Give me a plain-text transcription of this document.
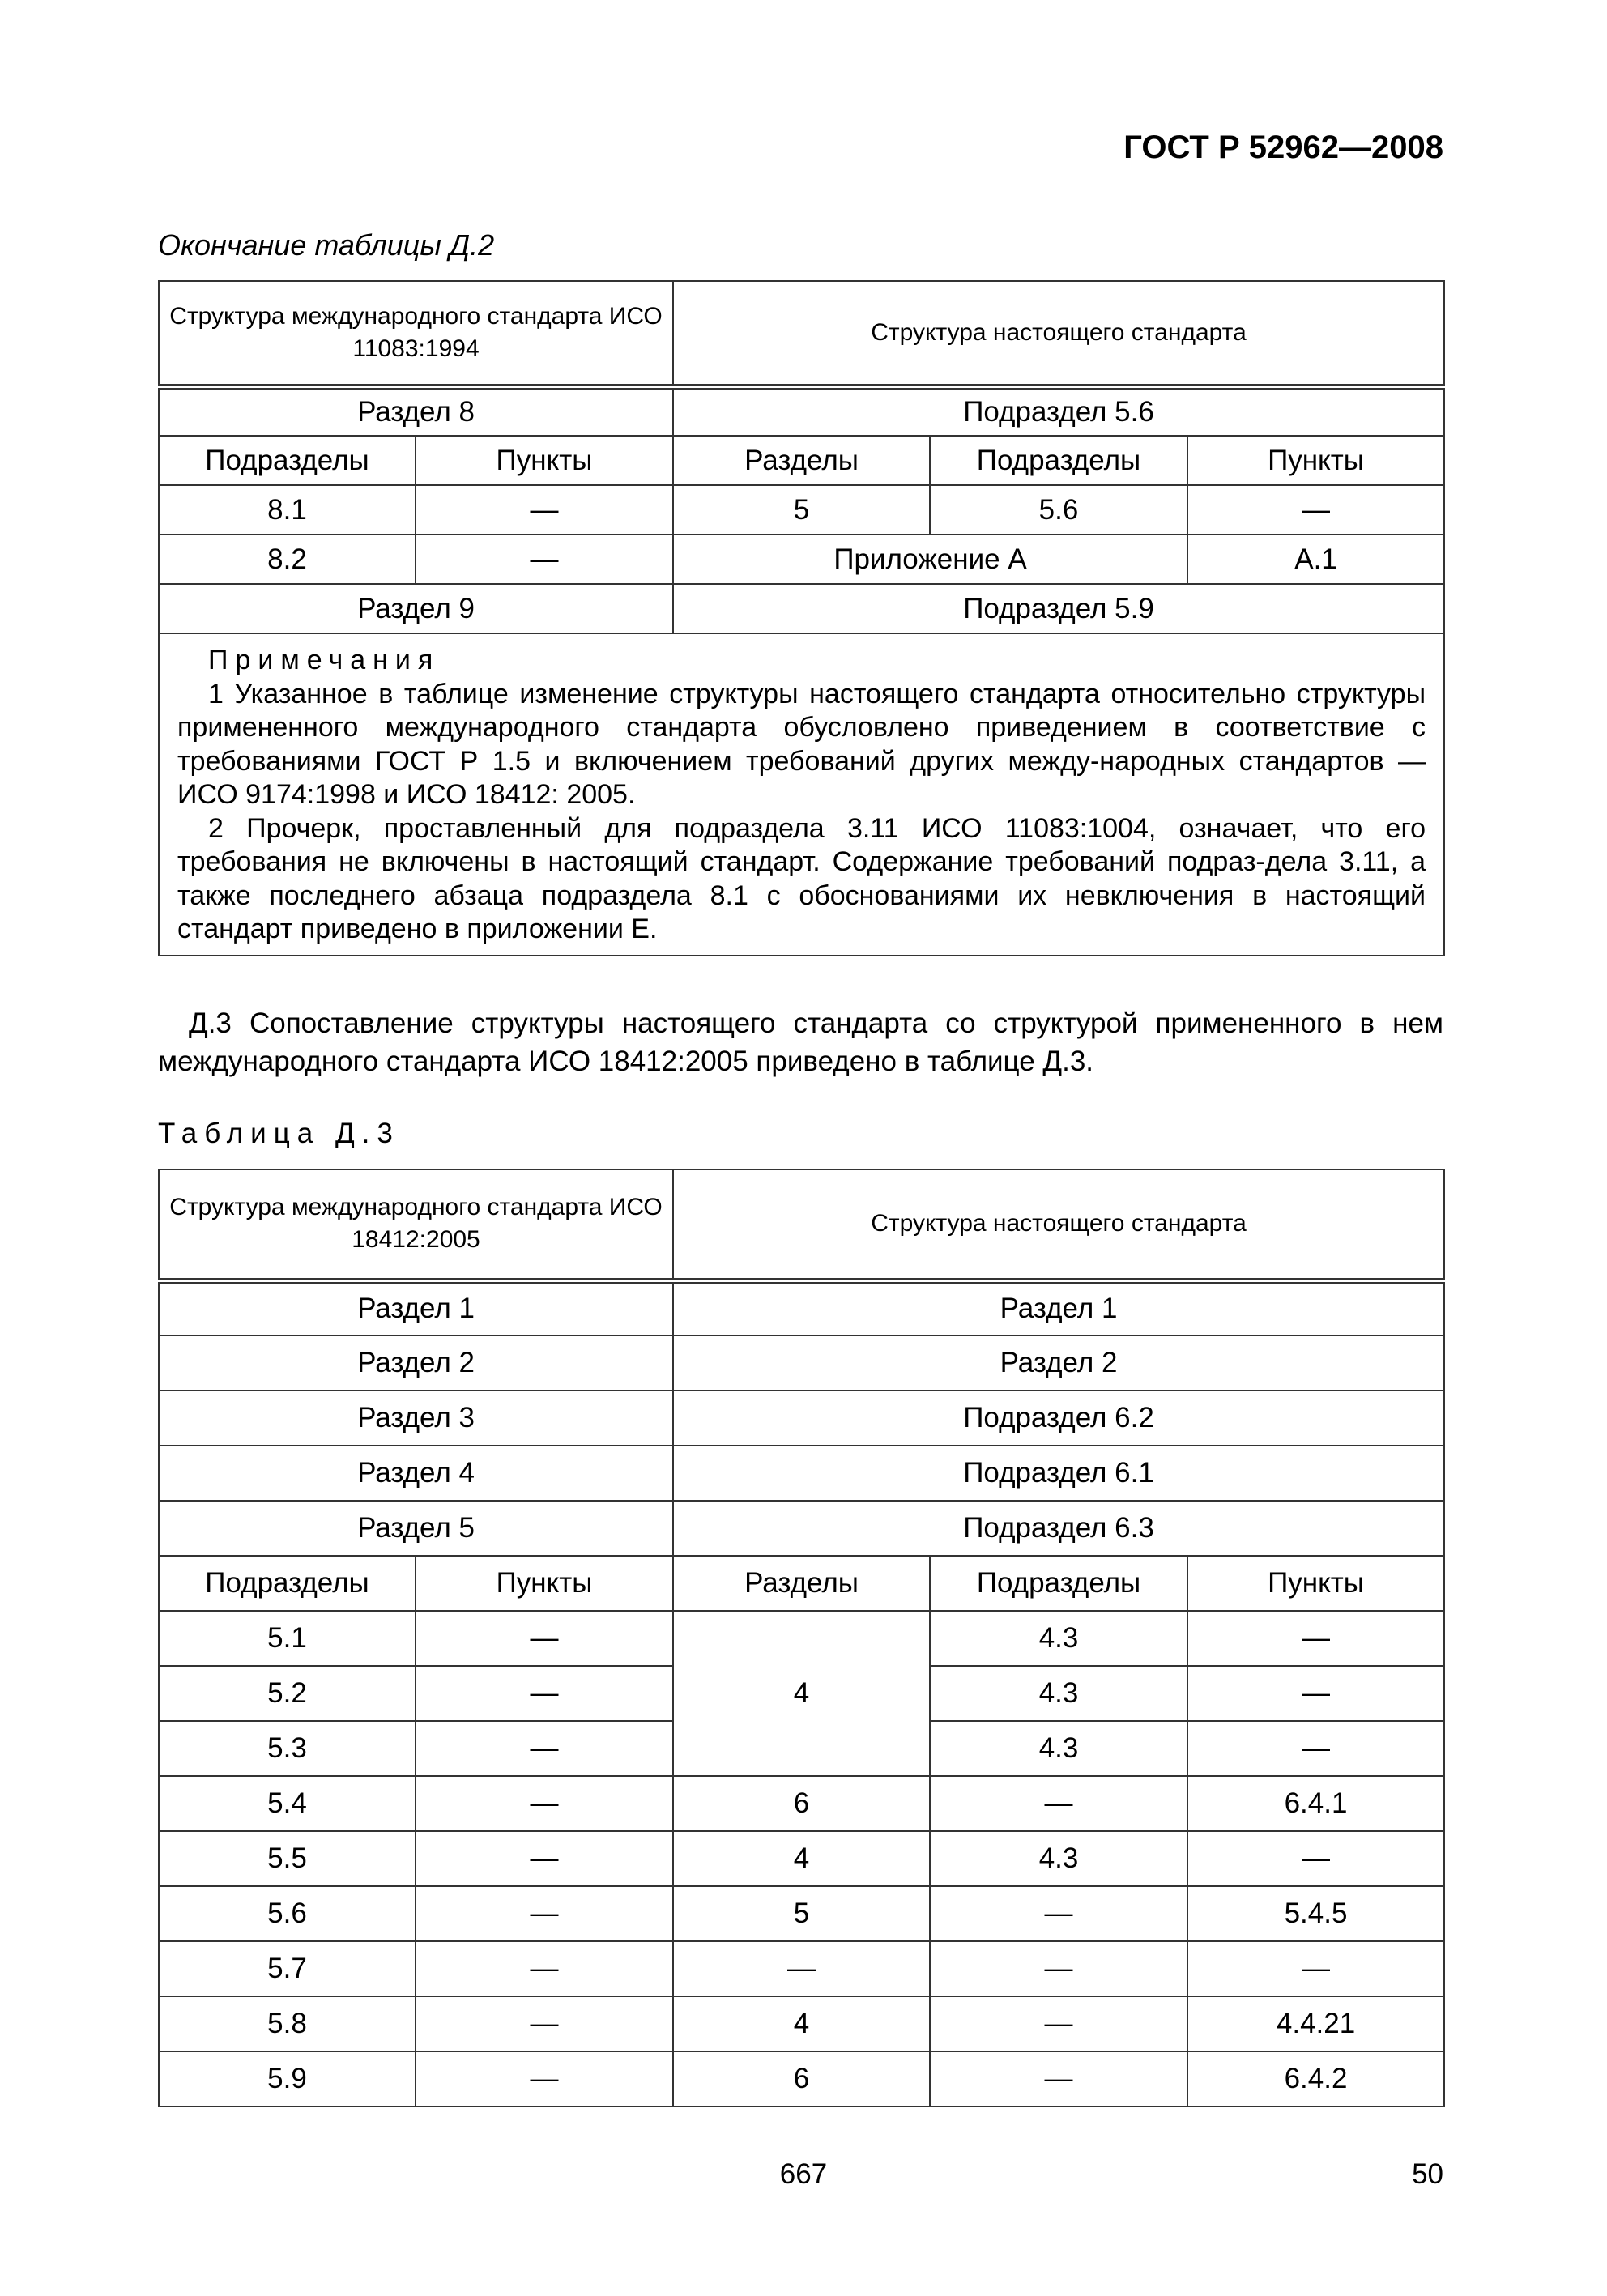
ГОСТ Р 52962—2008
Окончание таблицы Д.2
Структура международного стандарта ИСО 11083:1994		Структура настоящего стандарта		
Раздел 8		Подраздел 5.6		
Подразделы	Пункты	Разделы	Подразделы	Пункты
8.1	—	5	5.6	—
8.2	—	Приложение А		А.1
Раздел 9		Подраздел 5.9		

Примечания

1 Указанное в таблице изменение структуры настоящего стандарта относительно структуры примененного международного стандарта обусловлено приведением в соответствие с требованиями ГОСТ Р 1.5 и включением требований других между-народных стандартов — ИСО 9174:1998 и ИСО 18412: 2005.

2 Прочерк, проставленный для подраздела 3.11 ИСО 11083:1004, означает, что его требования не включены в настоящий стандарт. Содержание требований подраз-дела 3.11, а также последнего абзаца подраздела 8.1 с обоснованиями их невключения в настоящий стандарт приведено в приложении Е.				

Д.3 Сопоставление структуры настоящего стандарта со структурой примененного в нем международного стандарта ИСО 18412:2005 приведено в таблице Д.3.

Таблица Д.3
Структура международного стандарта ИСО 18412:2005		Структура настоящего стандарта		
Раздел 1		Раздел 1		
Раздел 2		Раздел 2		
Раздел 3		Подраздел 6.2		
Раздел 4		Подраздел 6.1		
Раздел 5		Подраздел 6.3		
Подразделы	Пункты	Разделы	Подразделы	Пункты
5.1	—	4	4.3	—
5.2	—		4.3	—
5.3	—		4.3	—
5.4	—	6	—	6.4.1
5.5	—	4	4.3	—
5.6	—	5	—	5.4.5
5.7	—	—	—	—
5.8	—	4	—	4.4.21
5.9	—	6	—	6.4.2
667	50
